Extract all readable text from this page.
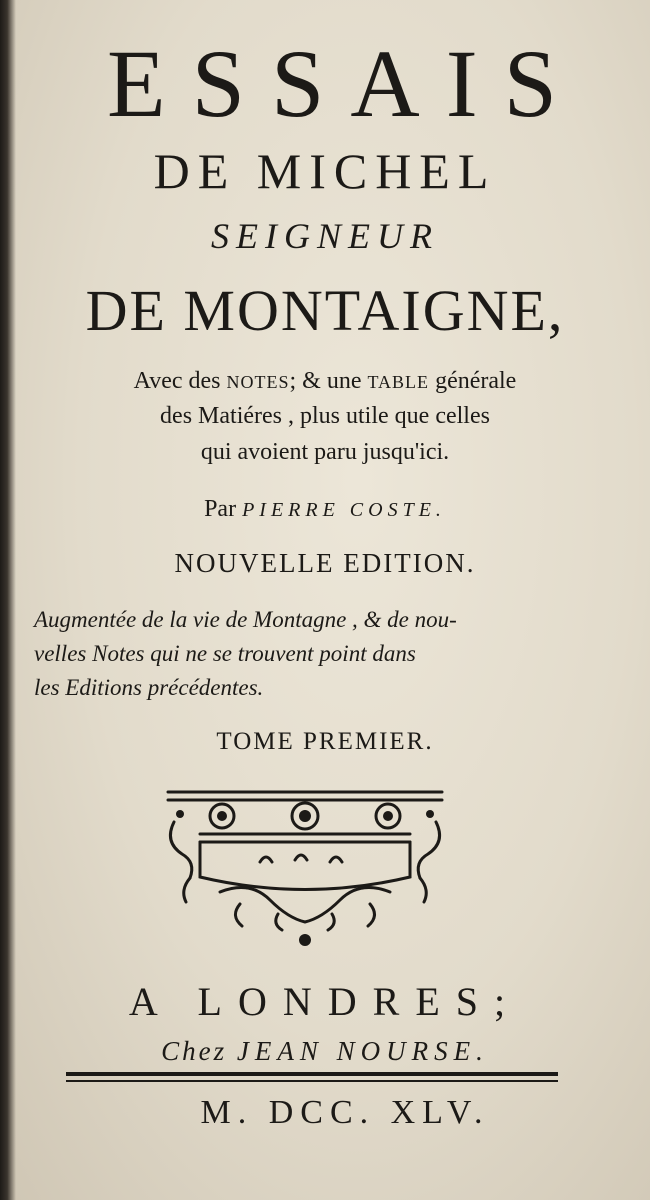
ESSAIS
DE MICHEL
SEIGNEUR
DE MONTAIGNE,
Avec des NOTES; & une TABLE générale
des Matiéres , plus utile que celles
qui avoient paru jusqu'ici.
Par PIERRE COSTE.
NOUVELLE EDITION.
Augmentée de la vie de Montagne , & de nou-
velles Notes qui ne se trouvent point dans
les Editions précédentes.
TOME PREMIER.
A LONDRES;
Chez JEAN NOURSE.
M. DCC. XLV.
